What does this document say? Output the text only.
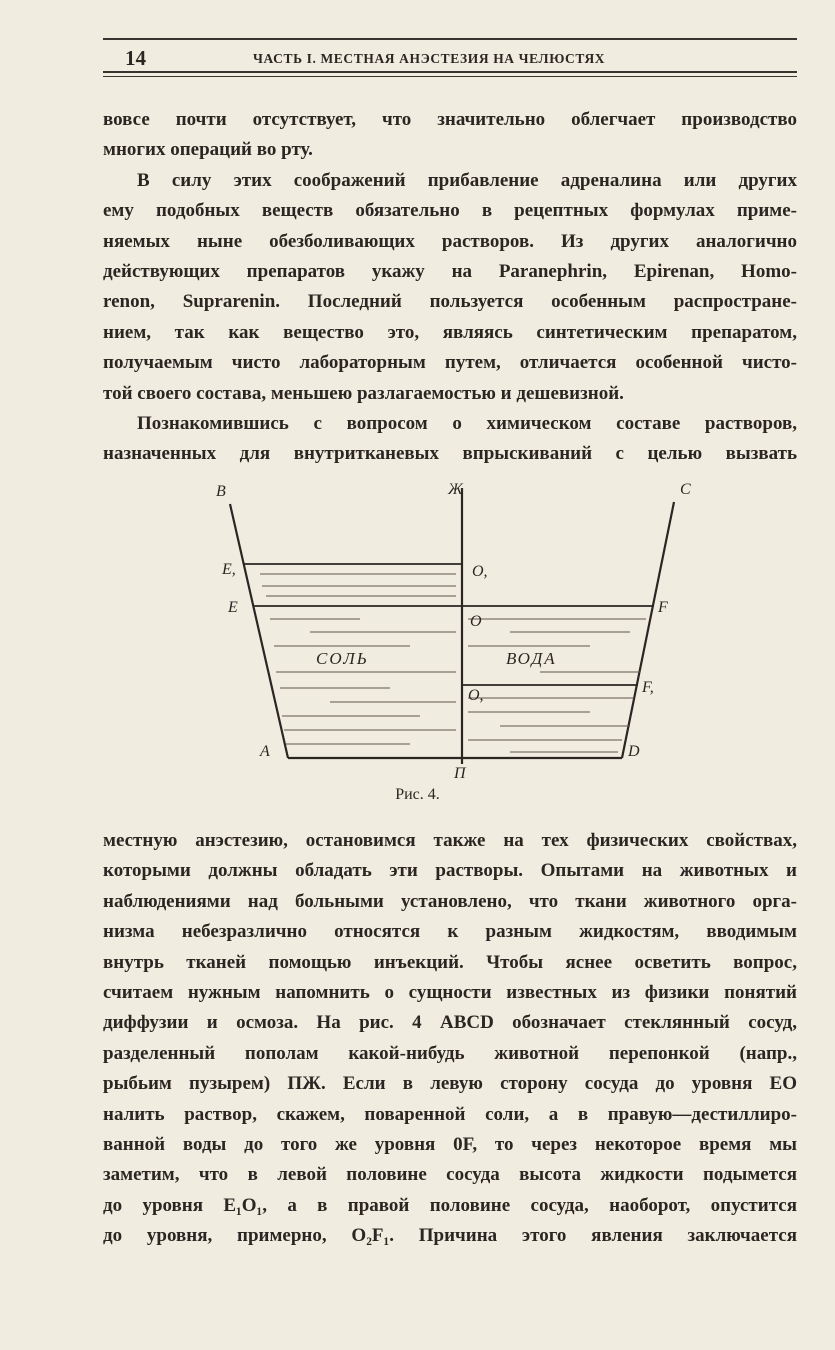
14	ЧАСТЬ I. МЕСТНАЯ АНЭСТЕЗИЯ НА ЧЕЛЮСТЯХ
вовсе почти отсутствует, что значительно облегчает производство
многих операций во рту.
В силу этих соображений прибавление адреналина или других
ему подобных веществ обязательно в рецептных формулах приме-
няемых ныне обезболивающих растворов. Из других аналогично
действующих препаратов укажу на Paranephrin, Epirenan, Homo-
renon, Suprarenin. Последний пользуется особенным распростране-
нием, так как вещество это, являясь синтетическим препаратом,
получаемым чисто лабораторным путем, отличается особенной чисто-
той своего состава, меньшею разлагаемостью и дешевизной.
Познакомившись с вопросом о химическом составе растворов,
назначенных для внутритканевых впрыскиваний с целью вызвать
В	Ж	С
Е,	О,
Е
О
F
F,
О,
А	D
П
СОЛЬ	ВОДА
Рис. 4.
местную анэстезию, остановимся также на тех физических свойствах,
которыми должны обладать эти растворы. Опытами на животных и
наблюдениями над больными установлено, что ткани животного орга-
низма небезразлично относятся к разным жидкостям, вводимым
внутрь тканей помощью инъекций. Чтобы яснее осветить вопрос,
считаем нужным напомнить о сущности известных из физики понятий
диффузии и осмоза. На рис. 4 ABCD обозначает стеклянный сосуд,
разделенный пополам какой-нибудь животной перепонкой (напр.,
рыбьим пузырем) ПЖ. Если в левую сторону сосуда до уровня EO
налить раствор, скажем, поваренной соли, а в правую—дестиллиро-
ванной воды до того же уровня 0F, то через некоторое время мы
заметим, что в левой половине сосуда высота жидкости подымется
до уровня E₁O₁, а в правой половине сосуда, наоборот, опустится
до уровня, примерно, O₂F₁. Причина этого явления заключается
